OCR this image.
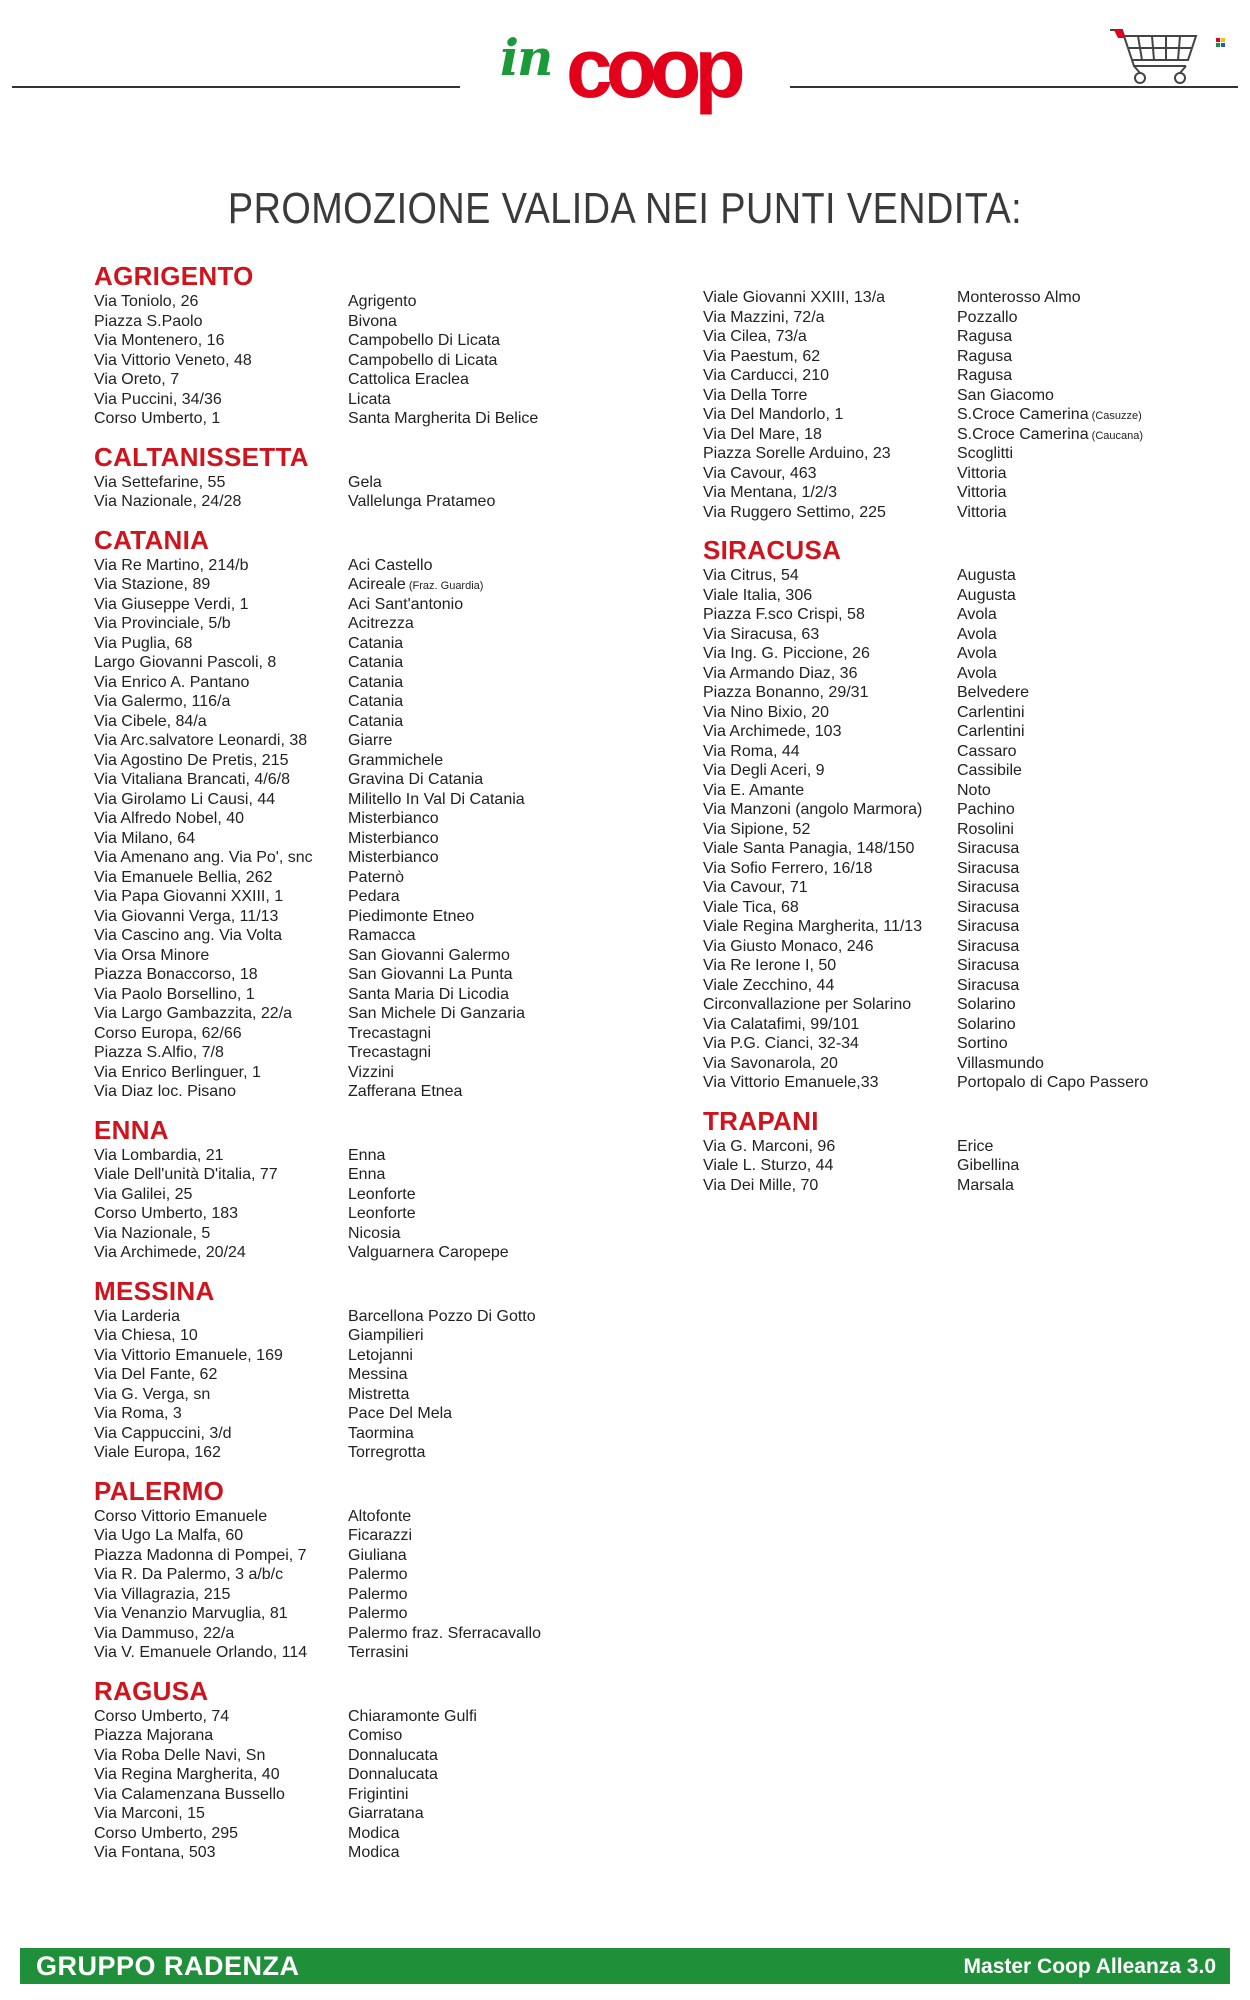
in coop
PROMOZIONE VALIDA NEI PUNTI VENDITA:
AGRIGENTO
Via Toniolo, 26	Agrigento
Piazza S.Paolo	Bivona
Via Montenero, 16	Campobello Di Licata
Via Vittorio Veneto, 48	Campobello di Licata
Via Oreto, 7	Cattolica Eraclea
Via Puccini, 34/36	Licata
Corso Umberto, 1	Santa Margherita Di Belice
CALTANISSETTA
Via Settefarine, 55	Gela
Via Nazionale, 24/28	Vallelunga Pratameo
CATANIA
Via Re Martino, 214/b	Aci Castello
Via Stazione, 89	Acireale (Fraz. Guardia)
Via Giuseppe Verdi, 1	Aci Sant'antonio
Via Provinciale, 5/b	Acitrezza
Via Puglia, 68	Catania
Largo Giovanni Pascoli, 8	Catania
Via Enrico A. Pantano	Catania
Via Galermo, 116/a	Catania
Via Cibele, 84/a	Catania
Via Arc.salvatore Leonardi, 38	Giarre
Via Agostino De Pretis, 215	Grammichele
Via Vitaliana Brancati, 4/6/8	Gravina Di Catania
Via Girolamo Li Causi, 44	Militello In Val Di Catania
Via Alfredo Nobel, 40	Misterbianco
Via Milano, 64	Misterbianco
Via Amenano ang. Via Po', snc Misterbianco
Via Emanuele Bellia, 262	Paternò
Via Papa Giovanni XXIII, 1	Pedara
Via Giovanni Verga, 11/13	Piedimonte Etneo
Via Cascino ang. Via Volta	Ramacca
Via Orsa Minore	San Giovanni Galermo
Piazza Bonaccorso, 18	San Giovanni La Punta
Via Paolo Borsellino, 1	Santa Maria Di Licodia
Via Largo Gambazzita, 22/a	San Michele Di Ganzaria
Corso Europa, 62/66	Trecastagni
Piazza S.Alfio, 7/8	Trecastagni
Via Enrico Berlinguer, 1	Vizzini
Via Diaz loc. Pisano	Zafferana Etnea
ENNA
Via Lombardia, 21	Enna
Viale Dell'unità D'italia, 77	Enna
Via Galilei, 25	Leonforte
Corso Umberto, 183	Leonforte
Via Nazionale, 5	Nicosia
Via Archimede, 20/24	Valguarnera Caropepe
MESSINA
Via Larderia	Barcellona Pozzo Di Gotto
Via Chiesa, 10	Giampilieri
Via Vittorio Emanuele, 169	Letojanni
Via Del Fante, 62	Messina
Via G. Verga, sn	Mistretta
Via Roma, 3	Pace Del Mela
Via Cappuccini, 3/d	Taormina
Viale Europa, 162	Torregrotta
PALERMO
Corso Vittorio Emanuele	Altofonte
Via Ugo La Malfa, 60	Ficarazzi
Piazza Madonna di Pompei, 7	Giuliana
Via R. Da Palermo, 3 a/b/c	Palermo
Via Villagrazia, 215	Palermo
Via Venanzio Marvuglia, 81	Palermo
Via Dammuso, 22/a	Palermo fraz. Sferracavallo
Via V. Emanuele Orlando, 114	Terrasini
RAGUSA
Corso Umberto, 74	Chiaramonte Gulfi
Piazza Majorana	Comiso
Via Roba Delle Navi, Sn	Donnalucata
Via Regina Margherita, 40	Donnalucata
Via Calamenzana Bussello	Frigintini
Via Marconi, 15	Giarratana
Corso Umberto, 295	Modica
Via Fontana, 503	Modica
Viale Giovanni XXIII, 13/a	Monterosso Almo
Via Mazzini, 72/a	Pozzallo
Via Cilea, 73/a	Ragusa
Via Paestum, 62	Ragusa
Via Carducci, 210	Ragusa
Via Della Torre	San Giacomo
Via Del Mandorlo, 1	S.Croce Camerina (Casuzze)
Via Del Mare, 18	S.Croce Camerina (Caucana)
Piazza Sorelle Arduino, 23	Scoglitti
Via Cavour, 463	Vittoria
Via Mentana, 1/2/3	Vittoria
Via Ruggero Settimo, 225	Vittoria
SIRACUSA
Via Citrus, 54	Augusta
Viale Italia, 306	Augusta
Piazza F.sco Crispi, 58	Avola
Via Siracusa, 63	Avola
Via Ing. G. Piccione, 26	Avola
Via Armando Diaz, 36	Avola
Piazza Bonanno, 29/31	Belvedere
Via Nino Bixio, 20	Carlentini
Via Archimede, 103	Carlentini
Via Roma, 44	Cassaro
Via Degli Aceri, 9	Cassibile
Via E. Amante	Noto
Via Manzoni (angolo Marmora) Pachino
Via Sipione, 52	Rosolini
Viale Santa Panagia, 148/150	Siracusa
Via Sofio Ferrero, 16/18	Siracusa
Via Cavour, 71	Siracusa
Viale Tica, 68	Siracusa
Viale Regina Margherita, 11/13 Siracusa
Via Giusto Monaco, 246	Siracusa
Via Re Ierone I, 50	Siracusa
Viale Zecchino, 44	Siracusa
Circonvallazione per Solarino	Solarino
Via Calatafimi, 99/101	Solarino
Via P.G. Cianci, 32-34	Sortino
Via Savonarola, 20	Villasmundo
Via Vittorio Emanuele,33	Portopalo di Capo Passero
TRAPANI
Via G. Marconi, 96	Erice
Viale L. Sturzo, 44	Gibellina
Via Dei Mille, 70	Marsala
GRUPPO RADENZA	Master Coop Alleanza 3.0
